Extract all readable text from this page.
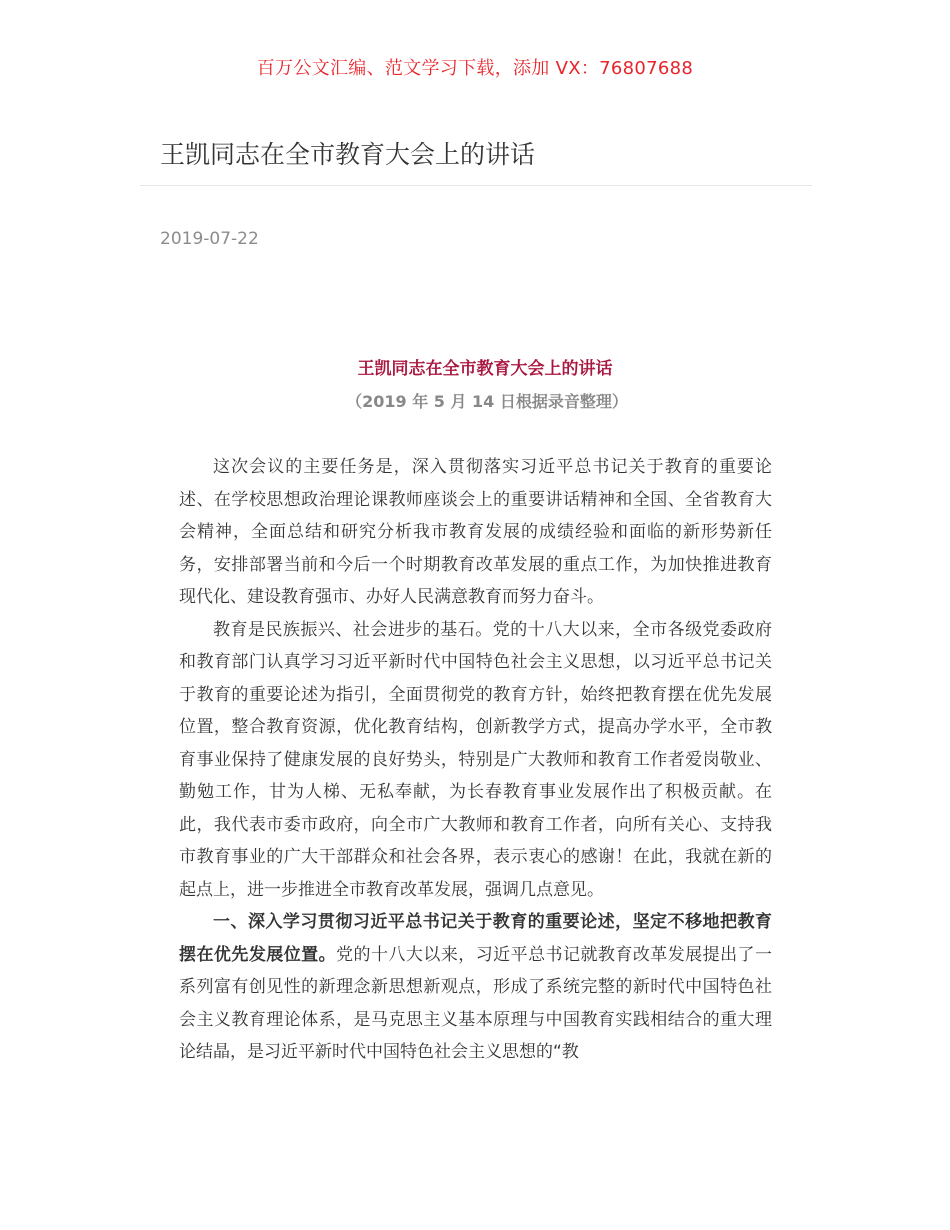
百万公文汇编、范文学习下载，添加 VX：76807688
王凯同志在全市教育大会上的讲话
2019-07-22
王凯同志在全市教育大会上的讲话
（2019 年 5 月 14 日根据录音整理）

这次会议的主要任务是，深入贯彻落实习近平总书记关于教育的重要论述、在学校思想政治理论课教师座谈会上的重要讲话精神和全国、全省教育大会精神，全面总结和研究分析我市教育发展的成绩经验和面临的新形势新任务，安排部署当前和今后一个时期教育改革发展的重点工作，为加快推进教育现代化、建设教育强市、办好人民满意教育而努力奋斗。

教育是民族振兴、社会进步的基石。党的十八大以来，全市各级党委政府和教育部门认真学习习近平新时代中国特色社会主义思想，以习近平总书记关于教育的重要论述为指引，全面贯彻党的教育方针，始终把教育摆在优先发展位置，整合教育资源，优化教育结构，创新教学方式，提高办学水平，全市教育事业保持了健康发展的良好势头，特别是广大教师和教育工作者爱岗敬业、勤勉工作，甘为人梯、无私奉献，为长春教育事业发展作出了积极贡献。在此，我代表市委市政府，向全市广大教师和教育工作者，向所有关心、支持我市教育事业的广大干部群众和社会各界，表示衷心的感谢！在此，我就在新的起点上，进一步推进全市教育改革发展，强调几点意见。

一、深入学习贯彻习近平总书记关于教育的重要论述，坚定不移地把教育摆在优先发展位置。党的十八大以来，习近平总书记就教育改革发展提出了一系列富有创见性的新理念新思想新观点，形成了系统完整的新时代中国特色社会主义教育理论体系，是马克思主义基本原理与中国教育实践相结合的重大理论结晶，是习近平新时代中国特色社会主义思想的“教
